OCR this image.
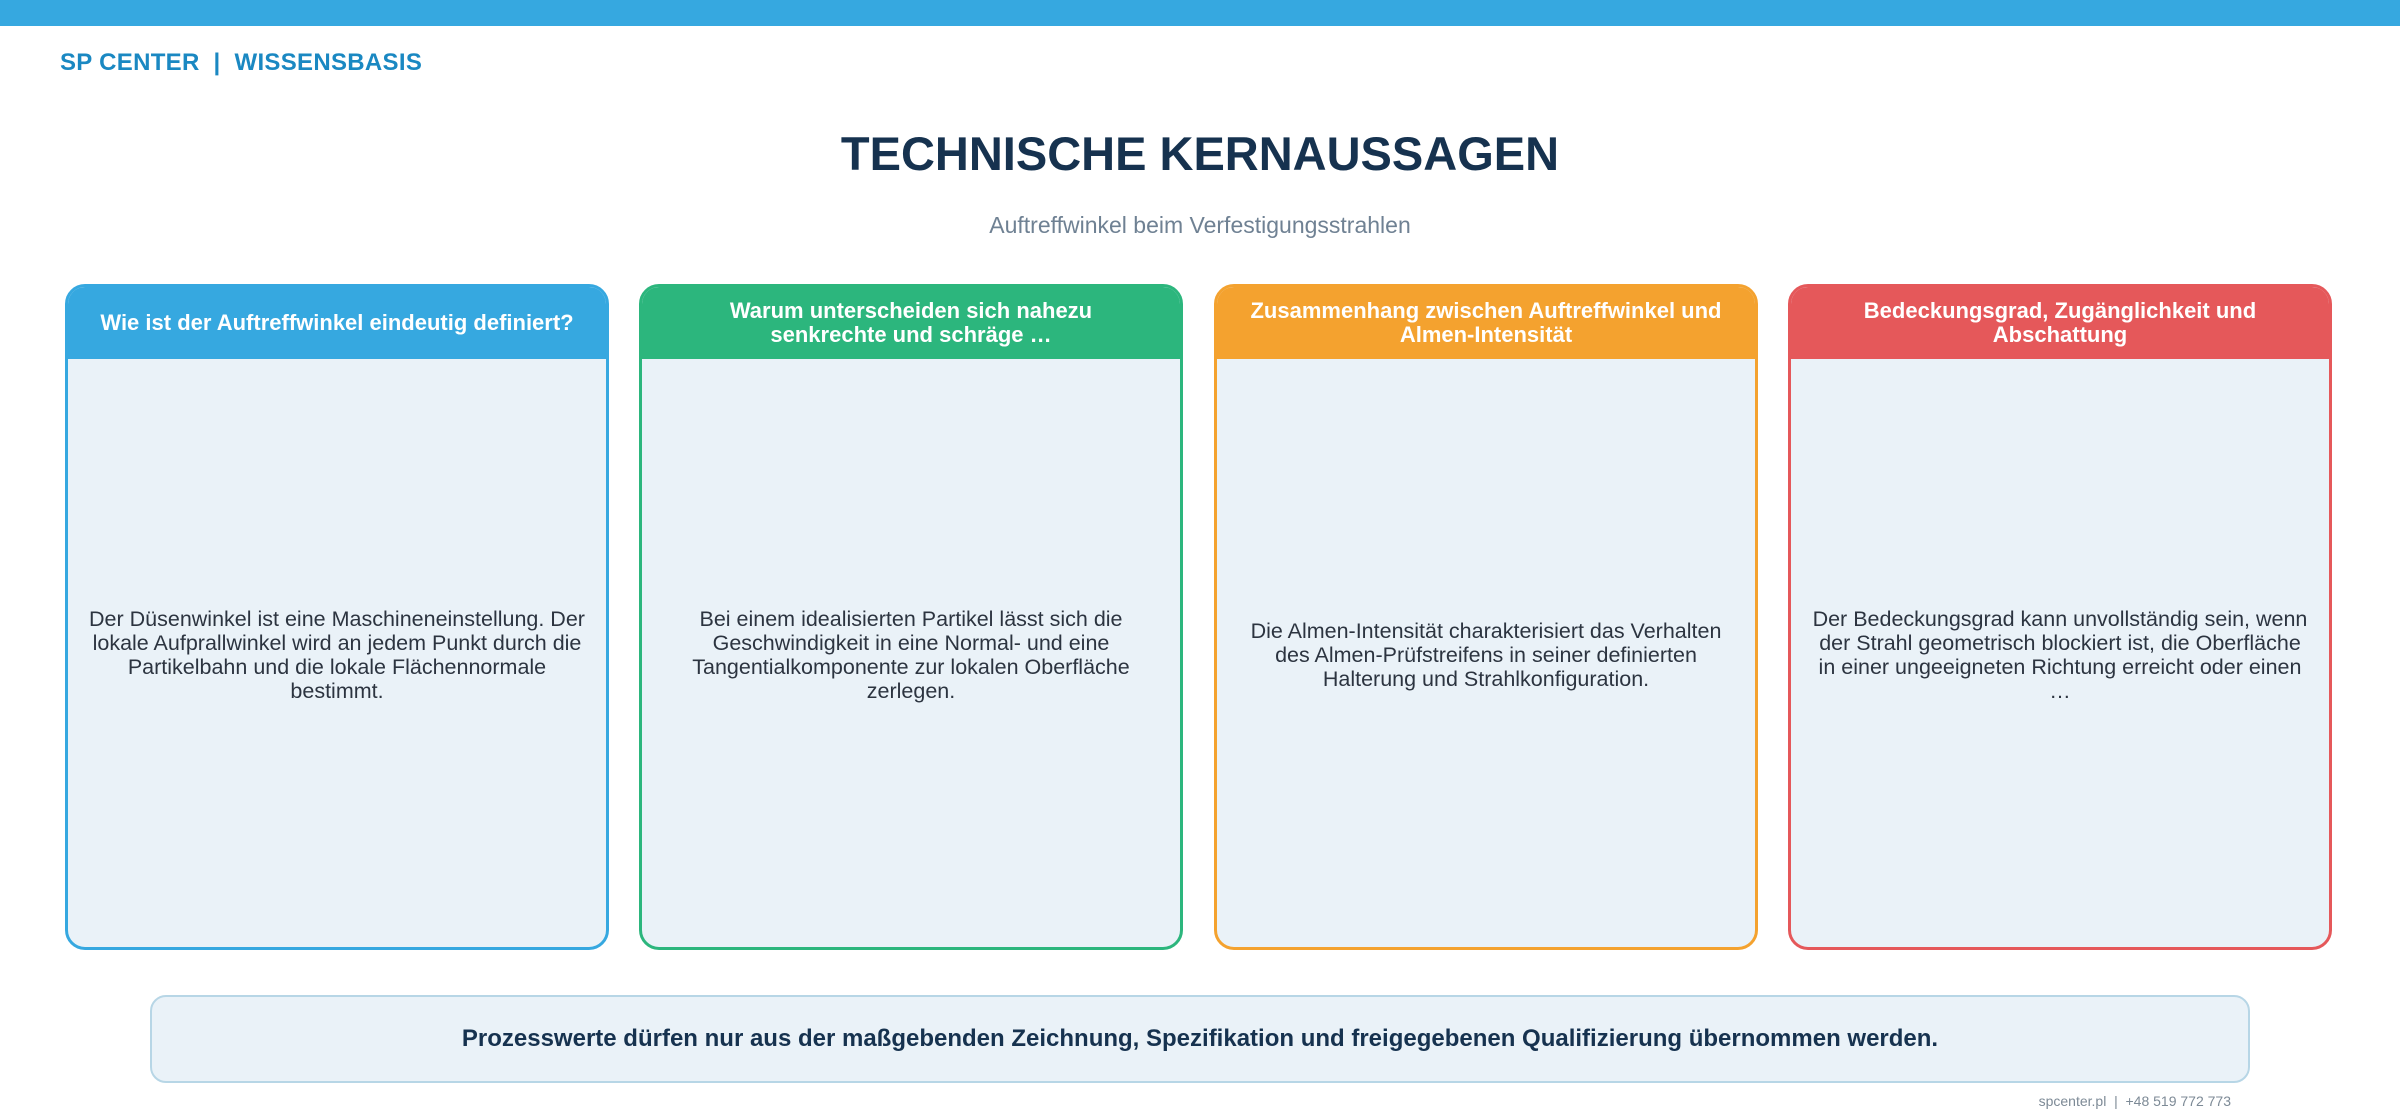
SP CENTER  |  WISSENSBASIS
TECHNISCHE KERNAUSSAGEN
Auftreffwinkel beim Verfestigungsstrahlen
Wie ist der Auftreffwinkel eindeutig definiert?
Der Düsenwinkel ist eine Maschineneinstellung. Der lokale Aufprallwinkel wird an jedem Punkt durch die Partikelbahn und die lokale Flächennormale bestimmt.
Warum unterscheiden sich nahezu senkrechte und schräge …
Bei einem idealisierten Partikel lässt sich die Geschwindigkeit in eine Normal- und eine Tangentialkomponente zur lokalen Oberfläche zerlegen.
Zusammenhang zwischen Auftreffwinkel und Almen-Intensität
Die Almen-Intensität charakterisiert das Verhalten des Almen-Prüfstreifens in seiner definierten Halterung und Strahlkonfiguration.
Bedeckungsgrad, Zugänglichkeit und Abschattung
Der Bedeckungsgrad kann unvollständig sein, wenn der Strahl geometrisch blockiert ist, die Oberfläche in einer ungeeigneten Richtung erreicht oder einen …
Prozesswerte dürfen nur aus der maßgebenden Zeichnung, Spezifikation und freigegebenen Qualifizierung übernommen werden.
spcenter.pl  |  +48 519 772 773
